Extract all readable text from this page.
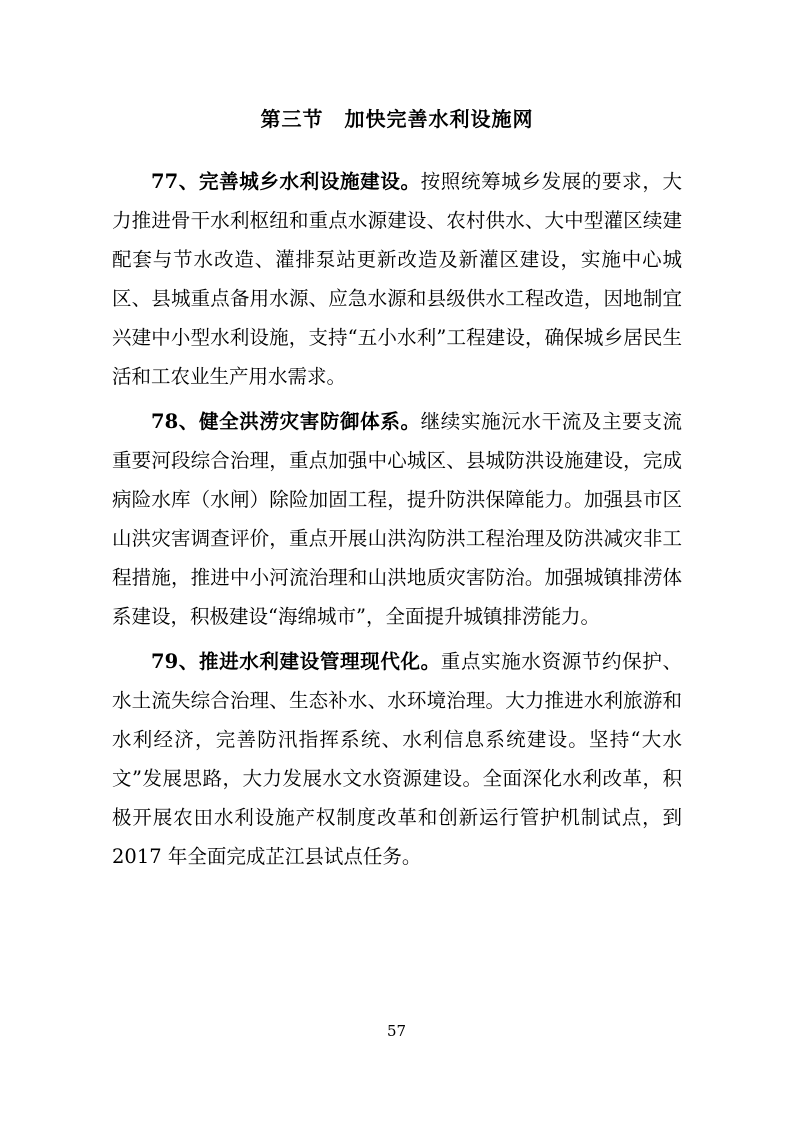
第三节　加快完善水利设施网

77、完善城乡水利设施建设。按照统筹城乡发展的要求，大力推进骨干水利枢纽和重点水源建设、农村供水、大中型灌区续建配套与节水改造、灌排泵站更新改造及新灌区建设，实施中心城区、县城重点备用水源、应急水源和县级供水工程改造，因地制宜兴建中小型水利设施，支持“五小水利”工程建设，确保城乡居民生活和工农业生产用水需求。

78、健全洪涝灾害防御体系。继续实施沅水干流及主要支流重要河段综合治理，重点加强中心城区、县城防洪设施建设，完成病险水库（水闸）除险加固工程，提升防洪保障能力。加强县市区山洪灾害调查评价，重点开展山洪沟防洪工程治理及防洪减灾非工程措施，推进中小河流治理和山洪地质灾害防治。加强城镇排涝体系建设，积极建设“海绵城市”，全面提升城镇排涝能力。

79、推进水利建设管理现代化。重点实施水资源节约保护、水土流失综合治理、生态补水、水环境治理。大力推进水利旅游和水利经济，完善防汛指挥系统、水利信息系统建设。坚持“大水文”发展思路，大力发展水文水资源建设。全面深化水利改革，积极开展农田水利设施产权制度改革和创新运行管护机制试点，到 2017 年全面完成芷江县试点任务。

57
